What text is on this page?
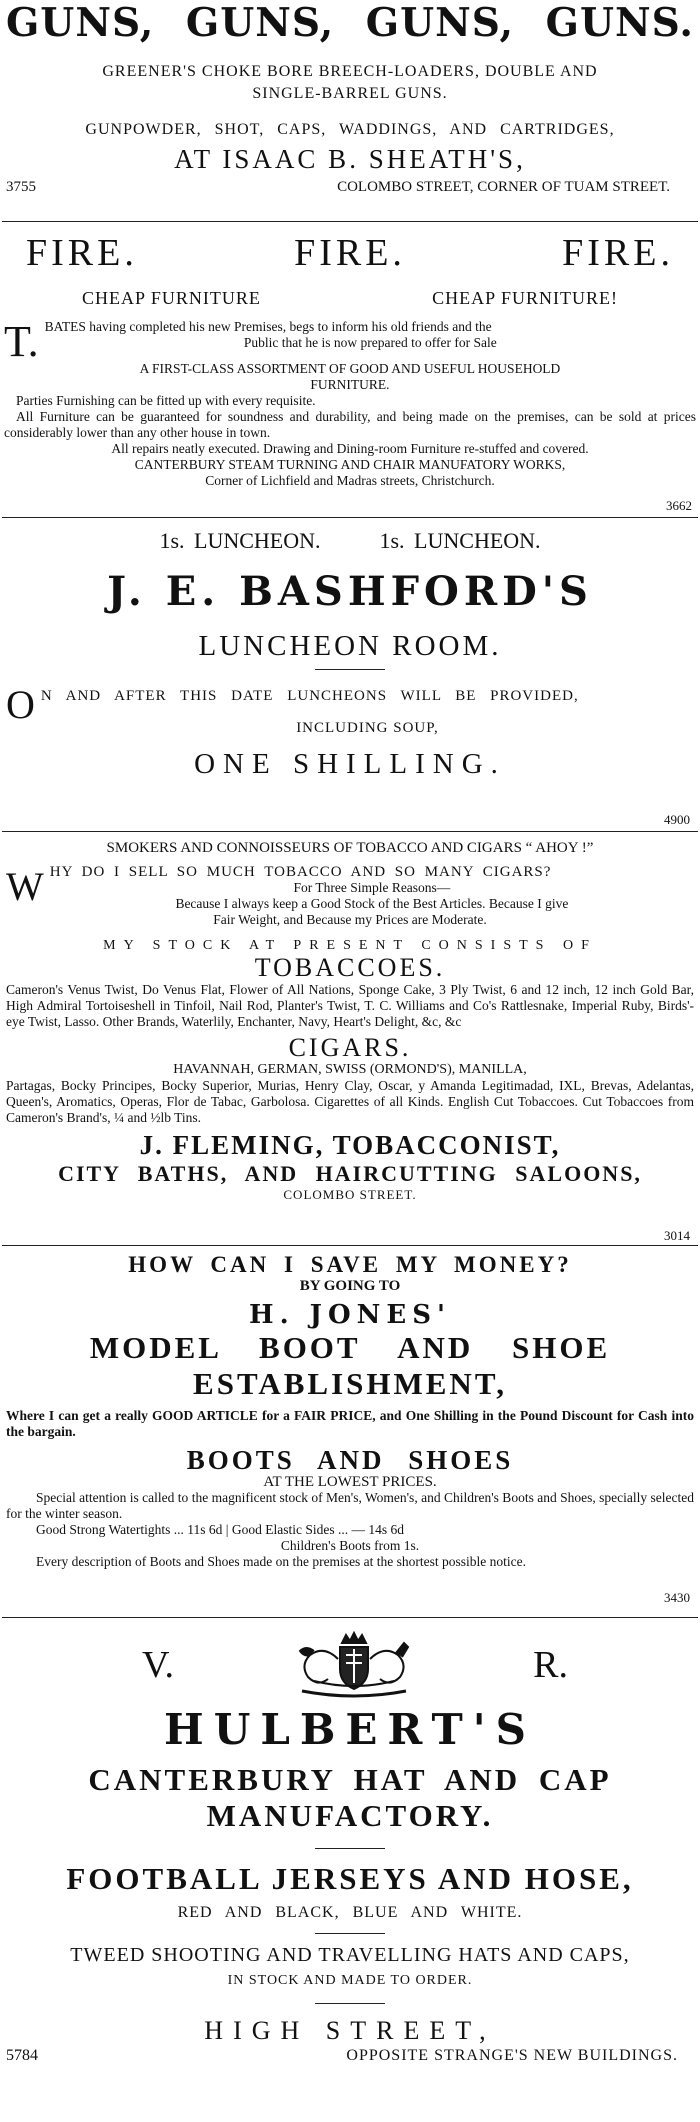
GUNS, GUNS, GUNS, GUNS.
GREENER'S CHOKE BORE BREECH-LOADERS, DOUBLE AND
SINGLE-BARREL GUNS.
GUNPOWDER, SHOT, CAPS, WADDINGS, AND CARTRIDGES,
AT ISAAC B. SHEATH'S,
3755	COLOMBO STREET, CORNER OF TUAM STREET.
FIRE.	FIRE.	FIRE.
CHEAP FURNITURE	CHEAP FURNITURE!
T. BATES having completed his new Premises, begs to inform his old friends and the
Public that he is now prepared to offer for Sale
A FIRST-CLASS ASSORTMENT OF GOOD AND USEFUL HOUSEHOLD
FURNITURE.
Parties Furnishing can be fitted up with every requisite.
All Furniture can be guaranteed for soundness and durability, and being made on the premises, can be sold at prices considerably lower than any other house in town.
All repairs neatly executed. Drawing and Dining-room Furniture re-stuffed and covered.
CANTERBURY STEAM TURNING AND CHAIR MANUFATORY WORKS,
Corner of Lichfield and Madras streets, Christchurch.
3662
1s. LUNCHEON.	1s. LUNCHEON.
J. E. BASHFORD'S
LUNCHEON ROOM.
O N AND AFTER THIS DATE LUNCHEONS WILL BE PROVIDED,
INCLUDING SOUP,
ONE SHILLING.
4900
SMOKERS AND CONNOISSEURS OF TOBACCO AND CIGARS “ AHOY !”
W HY DO I SELL SO MUCH TOBACCO AND SO MANY CIGARS?
For Three Simple Reasons—
Because I always keep a Good Stock of the Best Articles. Because I give
Fair Weight, and Because my Prices are Moderate.
MY STOCK AT PRESENT CONSISTS OF
TOBACCOES.
Cameron's Venus Twist, Do Venus Flat, Flower of All Nations, Sponge Cake, 3 Ply Twist, 6 and 12 inch, 12 inch Gold Bar, High Admiral Tortoiseshell in Tinfoil, Nail Rod, Planter's Twist, T. C. Williams and Co's Rattlesnake, Imperial Ruby, Birds'-eye Twist, Lasso. Other Brands, Waterlily, Enchanter, Navy, Heart's Delight, &c, &c
CIGARS.
HAVANNAH, GERMAN, SWISS (ORMOND'S), MANILLA,
Partagas, Bocky Principes, Bocky Superior, Murias, Henry Clay, Oscar, y Amanda Legitimadad, IXL, Brevas, Adelantas, Queen's, Aromatics, Operas, Flor de Tabac, Garbolosa. Cigarettes of all Kinds. English Cut Tobaccoes. Cut Tobaccoes from Cameron's Brand's, ¼ and ½lb Tins.
J. FLEMING, TOBACCONIST,
CITY BATHS, AND HAIRCUTTING SALOONS,
COLOMBO STREET.
3014
HOW CAN I SAVE MY MONEY?
BY GOING TO
H. JONES'
MODEL BOOT AND SHOE
ESTABLISHMENT,
Where I can get a really GOOD ARTICLE for a FAIR PRICE, and One Shilling in the Pound Discount for Cash into the bargain.
BOOTS AND SHOES
AT THE LOWEST PRICES.
Special attention is called to the magnificent stock of Men's, Women's, and Children's Boots and Shoes, specially selected for the winter season.
Good Strong Watertights ... 11s 6d | Good Elastic Sides ... — 14s 6d
Children's Boots from 1s.
Every description of Boots and Shoes made on the premises at the shortest possible notice.
3430
V.	R.
HULBERT'S
CANTERBURY HAT AND CAP
MANUFACTORY.
FOOTBALL JERSEYS AND HOSE,
RED AND BLACK, BLUE AND WHITE.
TWEED SHOOTING AND TRAVELLING HATS AND CAPS,
IN STOCK AND MADE TO ORDER.
HIGH STREET,
5784	OPPOSITE STRANGE'S NEW BUILDINGS.
